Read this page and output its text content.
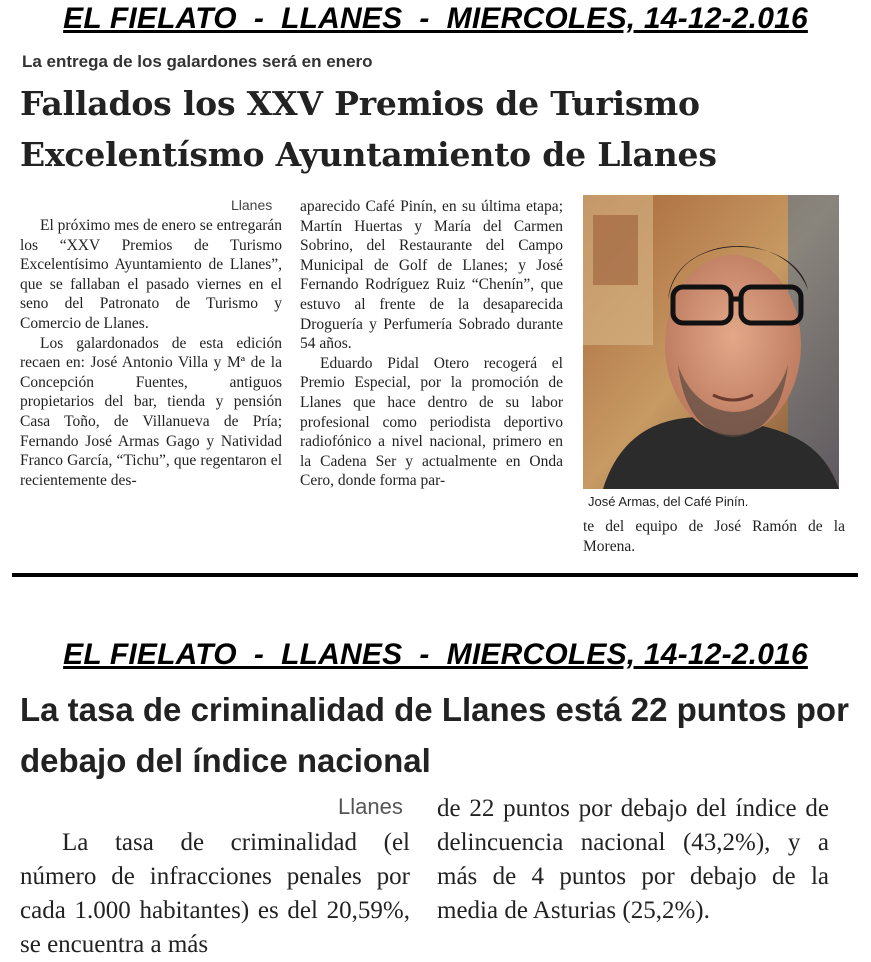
EL FIELATO  -  LLANES  -  MIERCOLES, 14-12-2.016
La entrega de los galardones será en enero
Fallados los XXV Premios de Turismo Excelentísmo Ayuntamiento de Llanes
Llanes

El próximo mes de enero se entregarán los “XXV Premios de Turismo Excelentísimo Ayuntamiento de Llanes”, que se fallaban el pasado viernes en el seno del Patronato de Turismo y Comercio de Llanes.

Los galardonados de esta edición recaen en: José Antonio Villa y Mª de la Concepción Fuentes, antiguos propietarios del bar, tienda y pensión Casa Toño, de Villanueva de Pría; Fernando José Armas Gago y Natividad Franco García, “Tichu”, que regentaron el recientemente des-

aparecido Café Pinín, en su última etapa; Martín Huertas y María del Carmen Sobrino, del Restaurante del Campo Municipal de Golf de Llanes; y José Fernando Rodríguez Ruiz “Chenín”, que estuvo al frente de la desaparecida Droguería y Perfumería Sobrado durante 54 años.

Eduardo Pidal Otero recogerá el Premio Especial, por la promoción de Llanes que hace dentro de su labor profesional como periodista deportivo radiofónico a nivel nacional, primero en la Cadena Ser y actualmente en Onda Cero, donde forma par-

José Armas, del Café Pinín.

te del equipo de José Ramón de la Morena.

EL FIELATO  -  LLANES  -  MIERCOLES, 14-12-2.016
La tasa de criminalidad de Llanes está 22 puntos por debajo del índice nacional
Llanes

La tasa de criminalidad (el número de infracciones penales por cada 1.000 habitantes) es del 20,59%, se encuentra a más

de 22 puntos por debajo del índice de delincuencia nacional (43,2%), y a más de 4 puntos por debajo de la media de Asturias (25,2%).
